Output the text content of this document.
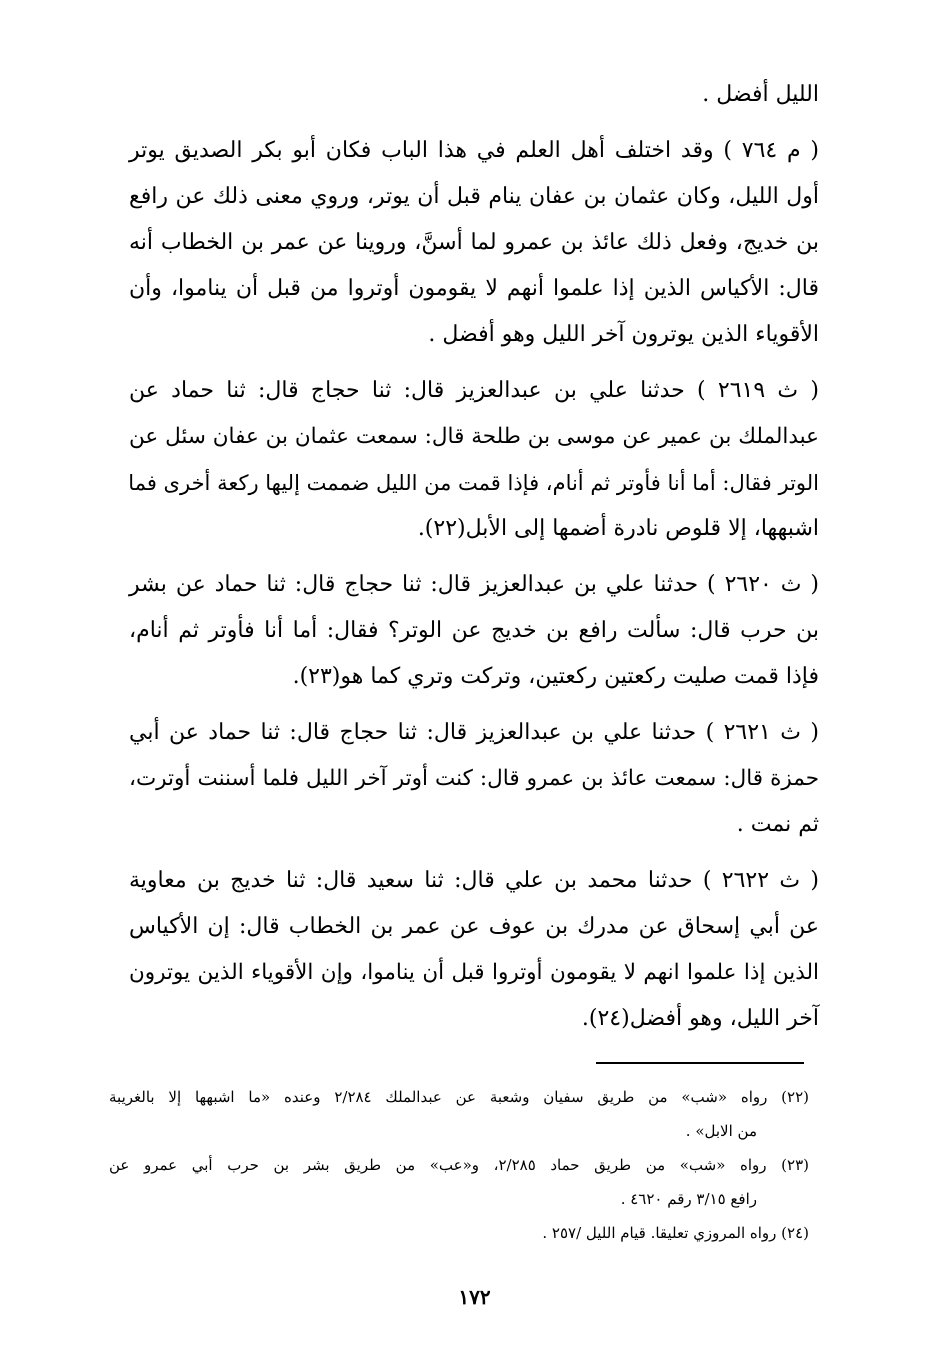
الليل أفضل .
( م ٧٦٤ ) وقد اختلف أهل العلم في هذا الباب فكان أبو بكر الصديق يوتر
أول الليل، وكان عثمان بن عفان ينام قبل أن يوتر، وروي معنى ذلك عن رافع
بن خديج، وفعل ذلك عائذ بن عمرو لما أسنَّ، وروينا عن عمر بن الخطاب أنه
قال: الأكياس الذين إذا علموا أنهم لا يقومون أوتروا من قبل أن يناموا، وأن
الأقوياء الذين يوترون آخر الليل وهو أفضل .
( ث ٢٦١٩ ) حدثنا علي بن عبدالعزيز قال: ثنا حجاج قال: ثنا حماد عن
عبدالملك بن عمير عن موسى بن طلحة قال: سمعت عثمان بن عفان سئل عن
الوتر فقال: أما أنا فأوتر ثم أنام، فإذا قمت من الليل ضممت إليها ركعة أخرى فما
اشبهها، إلا قلوص نادرة أضمها إلى الأبل(٢٢).
( ث ٢٦٢٠ ) حدثنا علي بن عبدالعزيز قال: ثنا حجاج قال: ثنا حماد عن بشر
بن حرب قال: سألت رافع بن خديج عن الوتر؟ فقال: أما أنا فأوتر ثم أنام،
فإذا قمت صليت ركعتين ركعتين، وتركت وتري كما هو(٢٣).
( ث ٢٦٢١ ) حدثنا علي بن عبدالعزيز قال: ثنا حجاج قال: ثنا حماد عن أبي
حمزة قال: سمعت عائذ بن عمرو قال: كنت أوتر آخر الليل فلما أسننت أوترت،
ثم نمت .
( ث ٢٦٢٢ ) حدثنا محمد بن علي قال: ثنا سعيد قال: ثنا خديج بن معاوية
عن أبي إسحاق عن مدرك بن عوف عن عمر بن الخطاب قال: إن الأكياس
الذين إذا علموا انهم لا يقومون أوتروا قبل أن يناموا، وإن الأقوياء الذين يوترون
آخر الليل، وهو أفضل(٢٤).
(٢٢) رواه «شب» من طريق سفيان وشعبة عن عبدالملك ٢/٢٨٤ وعنده «ما اشبهها إلا بالغريبة
من الابل» .
(٢٣) رواه «شب» من طريق حماد ٢/٢٨٥، و«عب» من طريق بشر بن حرب أبي عمرو عن
رافع ٣/١٥ رقم ٤٦٢٠ .
(٢٤) رواه المروزي تعليقا. قيام الليل /٢٥٧ .
١٧٢
